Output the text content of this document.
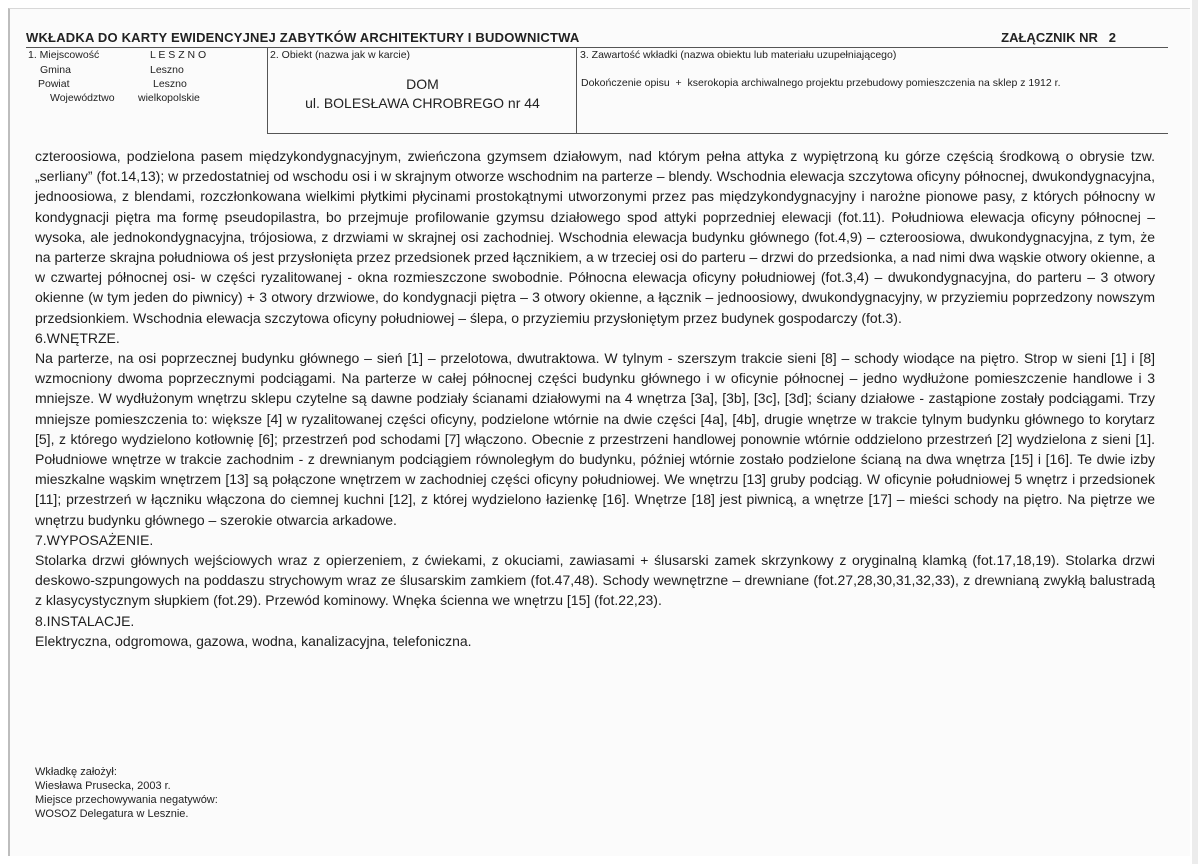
WKŁADKA DO KARTY EWIDENCYJNEJ ZABYTKÓW ARCHITEKTURY I BUDOWNICTWA	ZAŁĄCZNIK NR   2
1. Miejscowość	L E S Z N O
Gmina	Leszno
Powiat	Leszno
Województwo wielkopolskie
2. Obiekt (nazwa jak w karcie)
DOM
ul. BOLESŁAWA CHROBREGO nr 44
3. Zawartość wkładki (nazwa obiektu lub materiału uzupełniającego)
Dokończenie opisu  +  kserokopia archiwalnego projektu przebudowy pomieszczenia na sklep z 1912 r.

czteroosiowa, podzielona pasem międzykondygnacyjnym, zwieńczona gzymsem działowym, nad którym pełna attyka z wypiętrzoną ku górze częścią środkową o obrysie tzw. „serliany” (fot.14,13); w przedostatniej od wschodu osi i w skrajnym otworze wschodnim na parterze – blendy. Wschodnia elewacja szczytowa oficyny północnej, dwukondygnacyjna, jednoosiowa, z blendami, rozczłonkowana wielkimi płytkimi płycinami prostokątnymi utworzonymi przez pas międzykondygnacyjny i narożne pionowe pasy, z których północny w kondygnacji piętra ma formę pseudopilastra, bo przejmuje profilowanie gzymsu działowego spod attyki poprzedniej elewacji (fot.11). Południowa elewacja oficyny północnej – wysoka, ale jednokondygnacyjna, trójosiowa, z drzwiami w skrajnej osi zachodniej. Wschodnia elewacja budynku głównego (fot.4,9) – czteroosiowa, dwukondygnacyjna, z tym, że na parterze skrajna południowa oś jest przysłonięta przez przedsionek przed łącznikiem, a w trzeciej osi do parteru – drzwi do przedsionka, a nad nimi dwa wąskie otwory okienne, a w czwartej północnej osi- w części ryzalitowanej - okna rozmieszczone swobodnie. Północna elewacja oficyny południowej (fot.3,4) – dwukondygnacyjna, do parteru – 3 otwory okienne (w tym jeden do piwnicy) + 3 otwory drzwiowe, do kondygnacji piętra – 3 otwory okienne, a łącznik – jednoosiowy, dwukondygnacyjny, w przyziemiu poprzedzony nowszym przedsionkiem. Wschodnia elewacja szczytowa oficyny południowej – ślepa, o przyziemiu przysłoniętym przez budynek gospodarczy (fot.3).

6.WNĘTRZE.

Na parterze, na osi poprzecznej budynku głównego – sień [1] – przelotowa, dwutraktowa. W tylnym - szerszym trakcie sieni [8] – schody wiodące na piętro. Strop w sieni [1] i [8] wzmocniony dwoma poprzecznymi podciągami. Na parterze w całej północnej części budynku głównego i w oficynie północnej – jedno wydłużone pomieszczenie handlowe i 3 mniejsze. W wydłużonym wnętrzu sklepu czytelne są dawne podziały ścianami działowymi na 4 wnętrza [3a], [3b], [3c], [3d]; ściany działowe - zastąpione zostały podciągami. Trzy mniejsze pomieszczenia to: większe [4] w ryzalitowanej części oficyny, podzielone wtórnie na dwie części [4a], [4b], drugie wnętrze w trakcie tylnym budynku głównego to korytarz [5], z którego wydzielono kotłownię [6]; przestrzeń pod schodami [7] włączono. Obecnie z przestrzeni handlowej ponownie wtórnie oddzielono przestrzeń [2] wydzielona z sieni [1]. Południowe wnętrze w trakcie zachodnim - z drewnianym podciągiem równoległym do budynku, później wtórnie zostało podzielone ścianą na dwa wnętrza [15] i [16]. Te dwie izby mieszkalne wąskim wnętrzem [13] są połączone wnętrzem w zachodniej części oficyny południowej. We wnętrzu [13] gruby podciąg. W oficynie południowej 5 wnętrz i przedsionek [11]; przestrzeń w łączniku włączona do ciemnej kuchni [12], z której wydzielono łazienkę [16]. Wnętrze [18] jest piwnicą, a wnętrze [17] – mieści schody na piętro. Na piętrze we wnętrzu budynku głównego – szerokie otwarcia arkadowe.

7.WYPOSAŻENIE.

Stolarka drzwi głównych wejściowych wraz z opierzeniem, z ćwiekami, z okuciami, zawiasami + ślusarski zamek skrzynkowy z oryginalną klamką (fot.17,18,19). Stolarka drzwi deskowo-szpungowych na poddaszu strychowym wraz ze ślusarskim zamkiem (fot.47,48). Schody wewnętrzne – drewniane (fot.27,28,30,31,32,33), z drewnianą zwykłą balustradą z klasycystycznym słupkiem (fot.29). Przewód kominowy. Wnęka ścienna we wnętrzu [15] (fot.22,23).

8.INSTALACJE.

Elektryczna, odgromowa, gazowa, wodna, kanalizacyjna, telefoniczna.

Wkładkę założył:
Wiesława Prusecka, 2003 r.
Miejsce przechowywania negatywów:
WOSOZ Delegatura w Lesznie.
